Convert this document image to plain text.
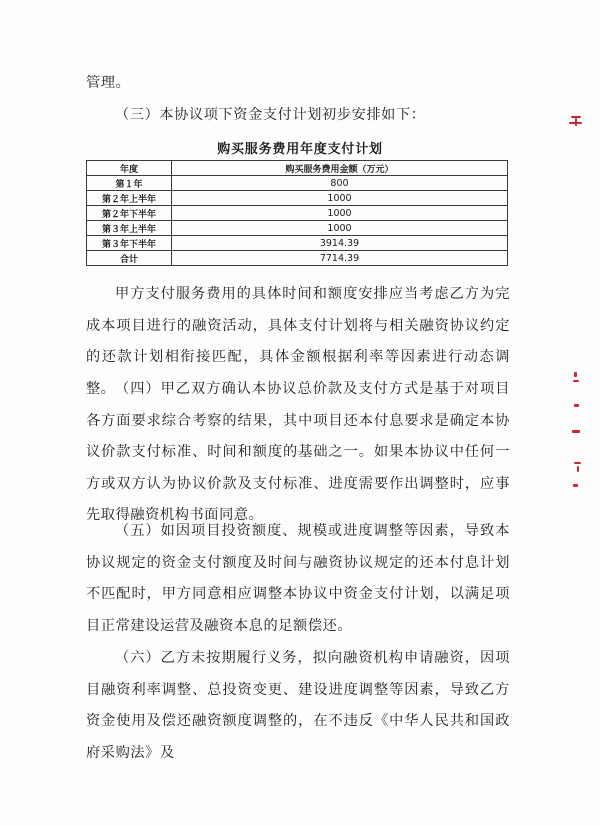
管理。

（三）本协议项下资金支付计划初步安排如下：

购买服务费用年度支付计划

年度	购买服务费用金额（万元）
第１年	800
第２年上半年	1000
第２年下半年	1000
第３年上半年	1000
第３年下半年	3914.39
合计	7714.39

甲方支付服务费用的具体时间和额度安排应当考虑乙方为完成本项目进行的融资活动，具体支付计划将与相关融资协议约定的还款计划相衔接匹配，具体金额根据利率等因素进行动态调整。 （四）甲乙双方确认本协议总价款及支付方式是基于对项目各方面要求综合考察的结果，其中项目还本付息要求是确定本协议价款支付标准、时间和额度的基础之一。如果本协议中任何一方或双方认为协议价款及支付标准、进度需要作出调整时，应事先取得融资机构书面同意。

（五）如因项目投资额度、规模或进度调整等因素，导致本协议规定的资金支付额度及时间与融资协议规定的还本付息计划不匹配时，甲方同意相应调整本协议中资金支付计划，以满足项目正常建设运营及融资本息的足额偿还。

（六）乙方未按期履行义务，拟向融资机构申请融资，因项目融资利率调整、总投资变更、建设进度调整等因素，导致乙方资金使用及偿还融资额度调整的，在不违反《中华人民共和国政府采购法》及
